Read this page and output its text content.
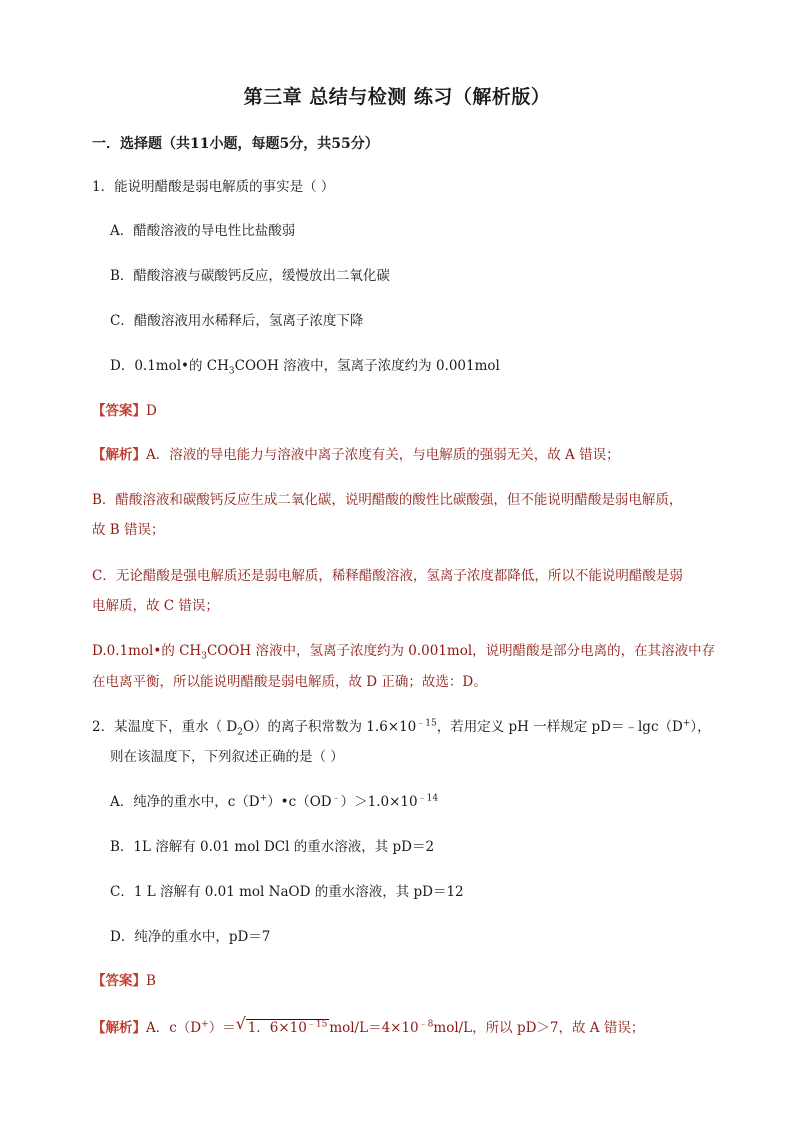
第三章 总结与检测 练习（解析版）
一．选择题（共11小题，每题5分，共55分）
1．能说明醋酸是弱电解质的事实是（ ）
A．醋酸溶液的导电性比盐酸弱
B．醋酸溶液与碳酸钙反应，缓慢放出二氧化碳
C．醋酸溶液用水稀释后，氢离子浓度下降
D．0.1mol•的 $CH_3COOH$ 溶液中，氢离子浓度约为 0.001mol
【答案】D
【解析】A．溶液的导电能力与溶液中离子浓度有关，与电解质的强弱无关，故 A 错误；
B．醋酸溶液和碳酸钙反应生成二氧化碳，说明醋酸的酸性比碳酸强，但不能说明醋酸是弱电解质，
故 B 错误；
C．无论醋酸是强电解质还是弱电解质，稀释醋酸溶液，氢离子浓度都降低，所以不能说明醋酸是弱
电解质，故 C 错误；
D.0.1mol•的 $CH_3COOH$ 溶液中，氢离子浓度约为 0.001mol，说明醋酸是部分电离的，在其溶液中存
在电离平衡，所以能说明醋酸是弱电解质，故 D 正确；故选：D。
2．某温度下，重水（ $D_2O$）的离子积常数为 $1.6\times 10^{﹣15}$，若用定义 pH 一样规定 pD＝﹣lgc（D+），
则在该温度下，下列叙述正确的是（ ）
A．纯净的重水中，$c(D^+)•c(OD^﹣)>1.0\times 10^{﹣14}$
B．1L 溶解有 0.01 mol DCl 的重水溶液，其 pD＝2
C．1 L 溶解有 0.01 mol NaOD 的重水溶液，其 pD＝12
D．纯净的重水中，pD＝7
【答案】B
【解析】A．c（D+）＝ √ 1．$6\times 10^{﹣15}$ mol/$L=4\times 10^{﹣8}mol/L$，所以 pD＞7，故 A 错误；
